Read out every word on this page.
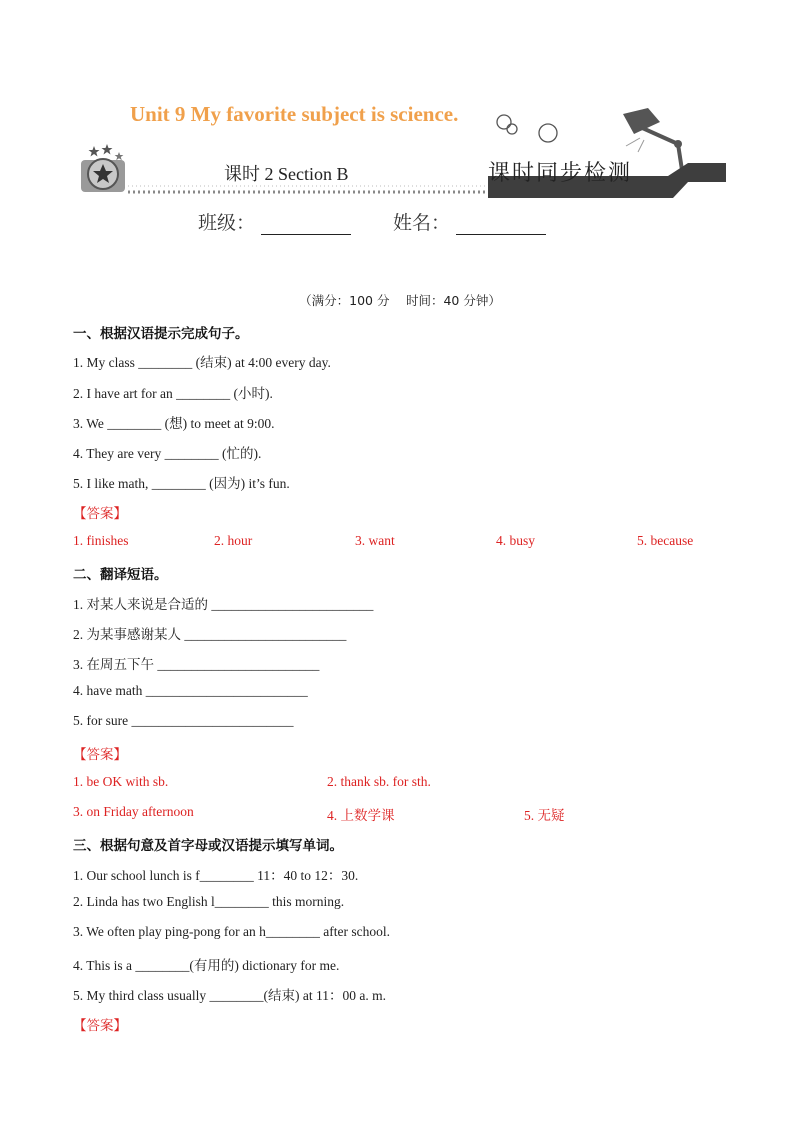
Unit 9 My favorite subject is science.
课时 2 Section B	课时同步检测
班级：	姓名：
（满分：100 分　 时间：40 分钟）
一、根据汉语提示完成句子。
1. My class ________ (结束) at 4:00 every day.
2. I have art for an ________ (小时).
3. We ________ (想) to meet at 9:00.
4. They are very ________ (忙的).
5. I like math, ________ (因为) it’s fun.
【答案】
1. finishes	2. hour	3. want	4. busy	5. because
二、翻译短语。
1. 对某人来说是合适的 ________________________
2. 为某事感谢某人 ________________________
3. 在周五下午 ________________________
4. have math ________________________
5. for sure ________________________
【答案】
1. be OK with sb.	2. thank sb. for sth.
3. on Friday afternoon	4. 上数学课	5. 无疑
三、根据句意及首字母或汉语提示填写单词。
1. Our school lunch is f________ 11：40 to 12：30.
2. Linda has two English l________ this morning.
3. We often play ping-pong for an h________ after school.
4. This is a ________(有用的) dictionary for me.
5. My third class usually ________(结束) at 11：00 a. m.
【答案】
